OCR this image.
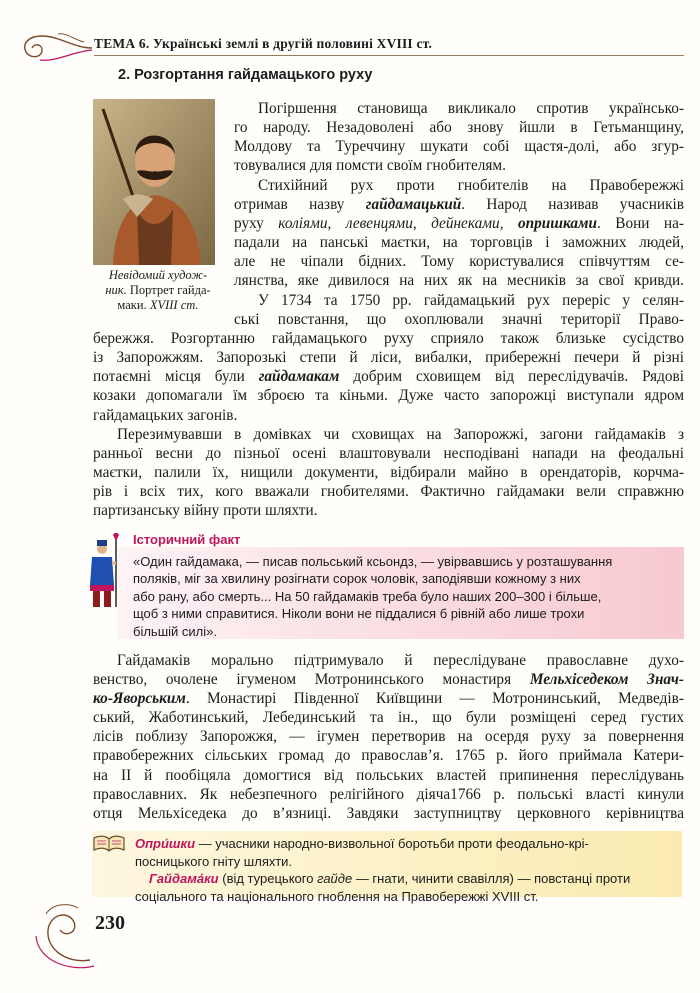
ТЕМА 6. Українські землі в другій половині XVIII ст.
2. Розгортання гайдамацького руху
Невідомий худож-
ник. Портрет гайда-
маки. XVIII ст.
Погіршення становища викликало спротив українсько-
го народу. Незадоволені або знову йшли в Гетьманщину,
Молдову та Туреччину шукати собі щастя-долі, або згур-
товувалися для помсти своїм гнобителям.
Стихійний рух проти гнобителів на Правобережжі
отримав назву гайдамацький. Народ називав учасників
руху коліями, левенцями, дейнеками, опришками. Вони на-
падали на панські маєтки, на торговців і заможних людей,
але не чіпали бідних. Тому користувалися співчуттям се-
лянства, яке дивилося на них як на месників за свої кривди.
У 1734 та 1750 рр. гайдамацький рух переріс у селян-
ські повстання, що охоплювали значні території Право-
бережжя. Розгортанню гайдамацького руху сприяло також близьке сусідство
із Запорожжям. Запорозькі степи й ліси, вибалки, прибережні печери й різні
потаємні місця були гайдамакам добрим сховищем від переслідувачів. Рядові
козаки допомагали їм зброєю та кіньми. Дуже часто запорожці виступали ядром
гайдамацьких загонів.
Перезимувавши в домівках чи сховищах на Запорожжі, загони гайдамаків з
ранньої весни до пізньої осені влаштовували несподівані напади на феодальні
маєтки, палили їх, нищили документи, відбирали майно в орендаторів, корчма-
рів і всіх тих, кого вважали гнобителями. Фактично гайдамаки вели справжню
партизанську війну проти шляхти.
Історичний факт
«Один гайдамака, — писав польський ксьондз, — увірвавшись у розташування
поляків, міг за хвилину розігнати сорок чоловік, заподіявши кожному з них
або рану, або смерть... На 50 гайдамаків треба було наших 200–300 і більше,
щоб з ними справитися. Ніколи вони не піддалися б рівній або лише трохи
більшій силі».
Гайдамаків морально підтримувало й переслідуване православне духо-
венство, очолене ігуменом Мотронинського монастиря Мельхіседеком Знач-
ко-Яворським. Монастирі Південної Київщини — Мотронинський, Медведів-
ський, Жаботинський, Лебединський та ін., що були розміщені серед густих
лісів поблизу Запорожжя, — ігумен перетворив на осердя руху за повернення
правобережних сільських громад до православ’я. 1765 р. його приймала Катери-
на II й пообіцяла домогтися від польських властей припинення переслідувань
православних. Як небезпечного релігійного діяча1766 р. польські власті кинули
отця Мельхіседека до в’язниці. Завдяки заступництву церковного керівництва
Опри́шки — учасники народно-визвольної боротьби проти феодально-крі-
посницького гніту шляхти.
Гайдама́ки (від турецького гайде — гнати, чинити свавілля) — повстанці проти
соціального та національного гноблення на Правобережжі XVIII ст.
230
